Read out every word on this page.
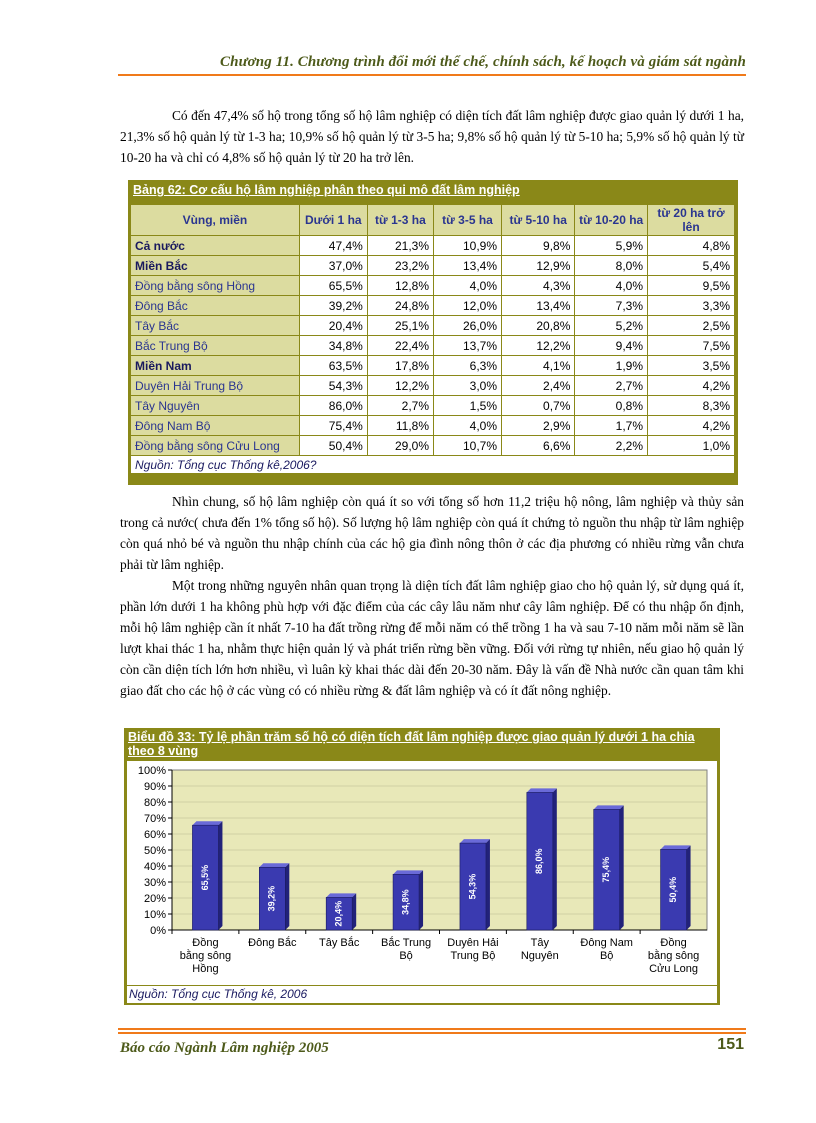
Chương 11. Chương trình đổi mới thể chế, chính sách, kế hoạch và giám sát ngành

Có đến 47,4% số hộ trong tổng số hộ lâm nghiệp có diện tích đất lâm nghiệp được giao quản lý dưới 1 ha, 21,3% số hộ quản lý từ 1-3 ha; 10,9% số hộ quản lý từ 3-5 ha; 9,8% số hộ quản lý từ 5-10 ha; 5,9% số hộ quản lý từ 10-20 ha và chỉ có 4,8% số hộ quản lý từ 20 ha trở lên.

Bảng 62: Cơ cấu hộ lâm nghiệp phân theo qui mô đất lâm nghiệp
Vùng, miền	Dưới 1 ha	từ 1-3 ha	từ 3-5 ha	từ 5-10 ha	từ 10-20 ha	từ 20 ha trở lên
Cả nước	47,4%	21,3%	10,9%	9,8%	5,9%	4,8%
Miền Bắc	37,0%	23,2%	13,4%	12,9%	8,0%	5,4%
Đồng bằng sông Hồng	65,5%	12,8%	4,0%	4,3%	4,0%	9,5%
Đông Bắc	39,2%	24,8%	12,0%	13,4%	7,3%	3,3%
Tây Bắc	20,4%	25,1%	26,0%	20,8%	5,2%	2,5%
Bắc Trung Bộ	34,8%	22,4%	13,7%	12,2%	9,4%	7,5%
Miền Nam	63,5%	17,8%	6,3%	4,1%	1,9%	3,5%
Duyên Hải Trung Bộ	54,3%	12,2%	3,0%	2,4%	2,7%	4,2%
Tây Nguyên	86,0%	2,7%	1,5%	0,7%	0,8%	8,3%
Đông Nam Bộ	75,4%	11,8%	4,0%	2,9%	1,7%	4,2%
Đồng bằng sông Cửu Long	50,4%	29,0%	10,7%	6,6%	2,2%	1,0%
Nguồn: Tổng cục Thống kê,2006?						

Nhìn chung, số hộ lâm nghiệp còn quá ít so với tổng số hơn 11,2 triệu hộ nông, lâm nghiệp và thủy sản trong cả nước( chưa đến 1% tổng số hộ). Số lượng hộ lâm nghiệp còn quá ít chứng tỏ nguồn thu nhập từ lâm nghiệp còn quá nhỏ bé và nguồn thu nhập chính của các hộ gia đình nông thôn ở các địa phương có nhiều rừng vẫn chưa phải từ lâm nghiệp.

Một trong những nguyên nhân quan trọng là diện tích đất lâm nghiệp giao cho hộ quản lý, sử dụng quá ít, phần lớn dưới 1 ha không phù hợp với đặc điểm của các cây lâu năm như cây lâm nghiệp. Để có thu nhập ổn định, mỗi hộ lâm nghiệp cần ít nhất 7-10 ha đất trồng rừng để mỗi năm có thể trồng 1 ha và sau 7-10 năm mỗi năm sẽ lần lượt khai thác 1 ha, nhằm thực hiện quản lý và phát triển rừng bền vững. Đối với rừng tự nhiên, nếu giao hộ quản lý còn cần diện tích lớn hơn nhiều, vì luân kỳ khai thác dài đến 20-30 năm. Đây là vấn đề Nhà nước cần quan tâm khi giao đất cho các hộ ở các vùng có có nhiều rừng & đất lâm nghiệp và có ít đất nông nghiệp.

Biểu đồ 33: Tỷ lệ phần trăm số hộ có diện tích đất lâm nghiệp được giao quản lý dưới 1 ha chia theo 8 vùng
0%
10%
20%
30%
40%
50%
60%
70%
80%
90%
100%
65,5%
Đồng
bằng sông
Hồng
39,2%
Đông Bắc
20,4%
Tây Bắc
34,8%
Bắc Trung
Bộ
54,3%
Duyên Hải
Trung Bộ
86,0%
Tây
Nguyên
75,4%
Đông Nam
Bộ
50,4%
Đồng
bằng sông
Cửu Long
Nguồn: Tổng cục Thống kê, 2006
Báo cáo Ngành Lâm nghiệp 2005	151
